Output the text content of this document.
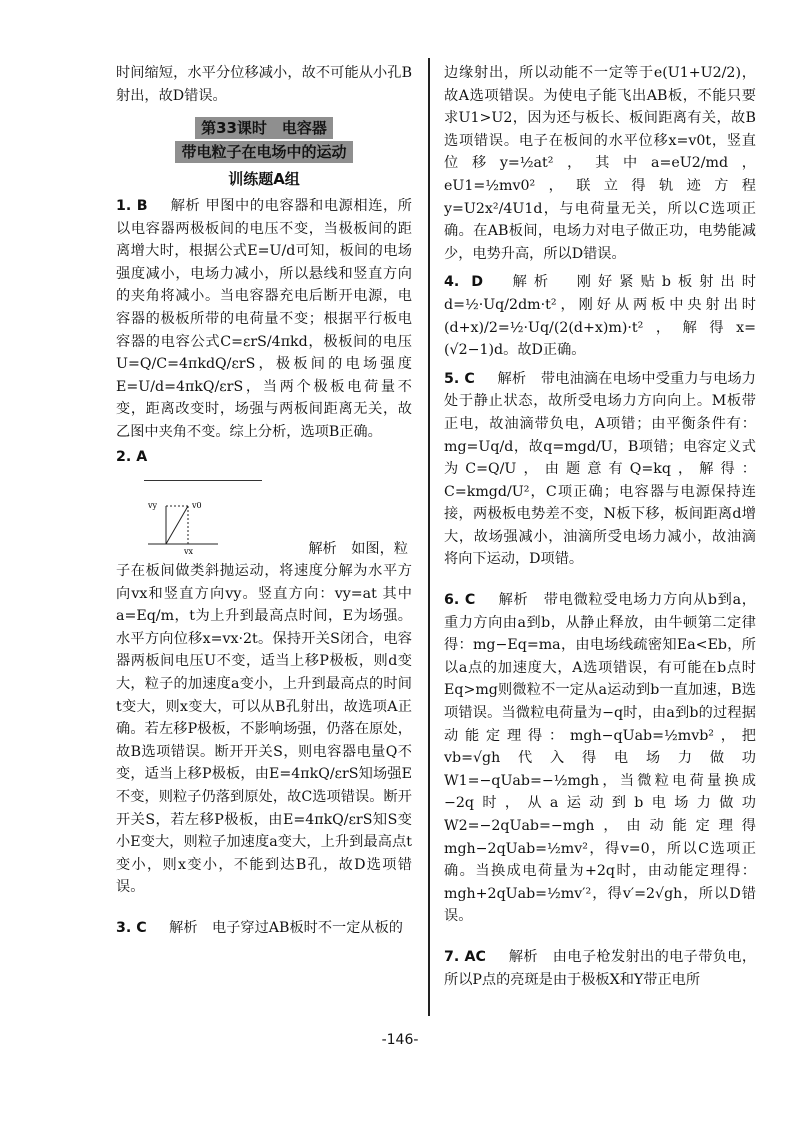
时间缩短，水平分位移减小，故不可能从小孔B射出，故D错误。

第33课时　电容器
带电粒子在电场中的运动
训练题A组

1. B 解析 甲图中的电容器和电源相连，所以电容器两极板间的电压不变，当极板间的距离增大时，根据公式E=U/d可知，板间的电场强度减小，电场力减小，所以悬线和竖直方向的夹角将减小。当电容器充电后断开电源，电容器的极板所带的电荷量不变；根据平行板电容器的电容公式C=εrS/4πkd，极板间的电压U=Q/C=4πkdQ/εrS，极板间的电场强度E=U/d=4πkQ/εrS，当两个极板电荷量不变，距离改变时，场强与两板间距离无关，故乙图中夹角不变。综上分析，选项B正确。

2. A

vy	v0
vx	解析 如图，粒

子在板间做类斜抛运动，将速度分解为水平方向vx和竖直方向vy。竖直方向：vy=at 其中 a=Eq/m，t为上升到最高点时间，E为场强。水平方向位移x=vx·2t。保持开关S闭合，电容器两板间电压U不变，适当上移P极板，则d变大，粒子的加速度a变小，上升到最高点的时间t变大，则x变大，可以从B孔射出，故选项A正确。若左移P极板，不影响场强，仍落在原处，故B选项错误。断开开关S，则电容器电量Q不变，适当上移P极板，由E=4πkQ/εrS知场强E不变，则粒子仍落到原处，故C选项错误。断开开关S，若左移P极板，由E=4πkQ/εrS知S变小E变大，则粒子加速度a变大，上升到最高点t变小，则x变小，不能到达B孔，故D选项错误。

3. C 解析 电子穿过AB板时不一定从板的

边缘射出，所以动能不一定等于e(U1+U2/2)，故A选项错误。为使电子能飞出AB板，不能只要求U1>U2，因为还与板长、板间距离有关，故B选项错误。电子在板间的水平位移x=v0t，竖直位移y=½at²，其中a=eU2/md，eU1=½mv0²，联立得轨迹方程y=U2x²/4U1d，与电荷量无关，所以C选项正确。在AB板间，电场力对电子做正功，电势能减少，电势升高，所以D错误。

4. D 解析 刚好紧贴b板射出时d=½·Uq/2dm·t²，刚好从两板中央射出时(d+x)/2=½·Uq/(2(d+x)m)·t²，解得x=(√2−1)d。故D正确。

5. C 解析 带电油滴在电场中受重力与电场力处于静止状态，故所受电场力方向向上。M板带正电，故油滴带负电，A项错；由平衡条件有：mg=Uq/d，故q=mgd/U，B项错；电容定义式为C=Q/U，由题意有Q=kq，解得：C=kmgd/U²，C项正确；电容器与电源保持连接，两极板电势差不变，N板下移，板间距离d增大，故场强减小，油滴所受电场力减小，故油滴将向下运动，D项错。

6. C 解析 带电微粒受电场力方向从b到a，重力方向由a到b，从静止释放，由牛顿第二定律得：mg−Eq=ma，由电场线疏密知Ea<Eb，所以a点的加速度大，A选项错误，有可能在b点时Eq>mg则微粒不一定从a运动到b一直加速，B选项错误。当微粒电荷量为−q时，由a到b的过程据动能定理得：mgh−qUab=½mvb²，把vb=√gh代入得电场力做功W1=−qUab=−½mgh，当微粒电荷量换成−2q时，从a运动到b电场力做功W2=−2qUab=−mgh，由动能定理得mgh−2qUab=½mv²，得v=0，所以C选项正确。当换成电荷量为+2q时，由动能定理得：mgh+2qUab=½mv′²，得v′=2√gh，所以D错误。

7. AC 解析 由电子枪发射出的电子带负电，所以P点的亮斑是由于极板X和Y带正电所

-146-
